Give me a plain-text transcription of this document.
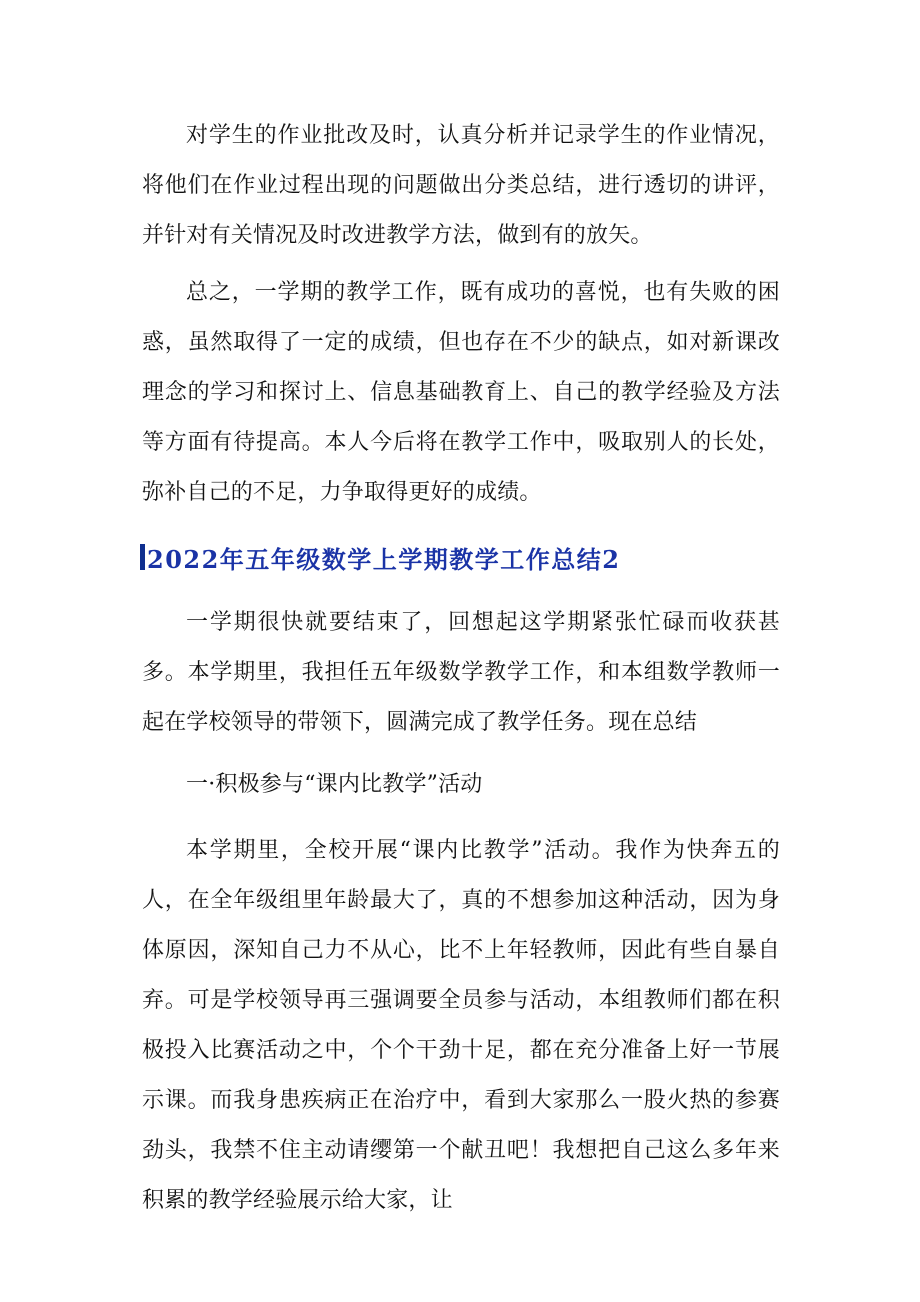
对学生的作业批改及时，认真分析并记录学生的作业情况，将他们在作业过程出现的问题做出分类总结，进行透切的讲评，并针对有关情况及时改进教学方法，做到有的放矢。

总之，一学期的教学工作，既有成功的喜悦，也有失败的困惑，虽然取得了一定的成绩，但也存在不少的缺点，如对新课改理念的学习和探讨上、信息基础教育上、自己的教学经验及方法等方面有待提高。本人今后将在教学工作中，吸取别人的长处，弥补自己的不足，力争取得更好的成绩。

2022年五年级数学上学期教学工作总结2

一学期很快就要结束了，回想起这学期紧张忙碌而收获甚多。本学期里，我担任五年级数学教学工作，和本组数学教师一起在学校领导的带领下，圆满完成了教学任务。现在总结

一·积极参与“课内比教学”活动

本学期里，全校开展“课内比教学”活动。我作为快奔五的人，在全年级组里年龄最大了，真的不想参加这种活动，因为身体原因，深知自己力不从心，比不上年轻教师，因此有些自暴自弃。可是学校领导再三强调要全员参与活动，本组教师们都在积极投入比赛活动之中，个个干劲十足，都在充分准备上好一节展示课。而我身患疾病正在治疗中，看到大家那么一股火热的参赛劲头，我禁不住主动请缨第一个献丑吧！我想把自己这么多年来积累的教学经验展示给大家，让
